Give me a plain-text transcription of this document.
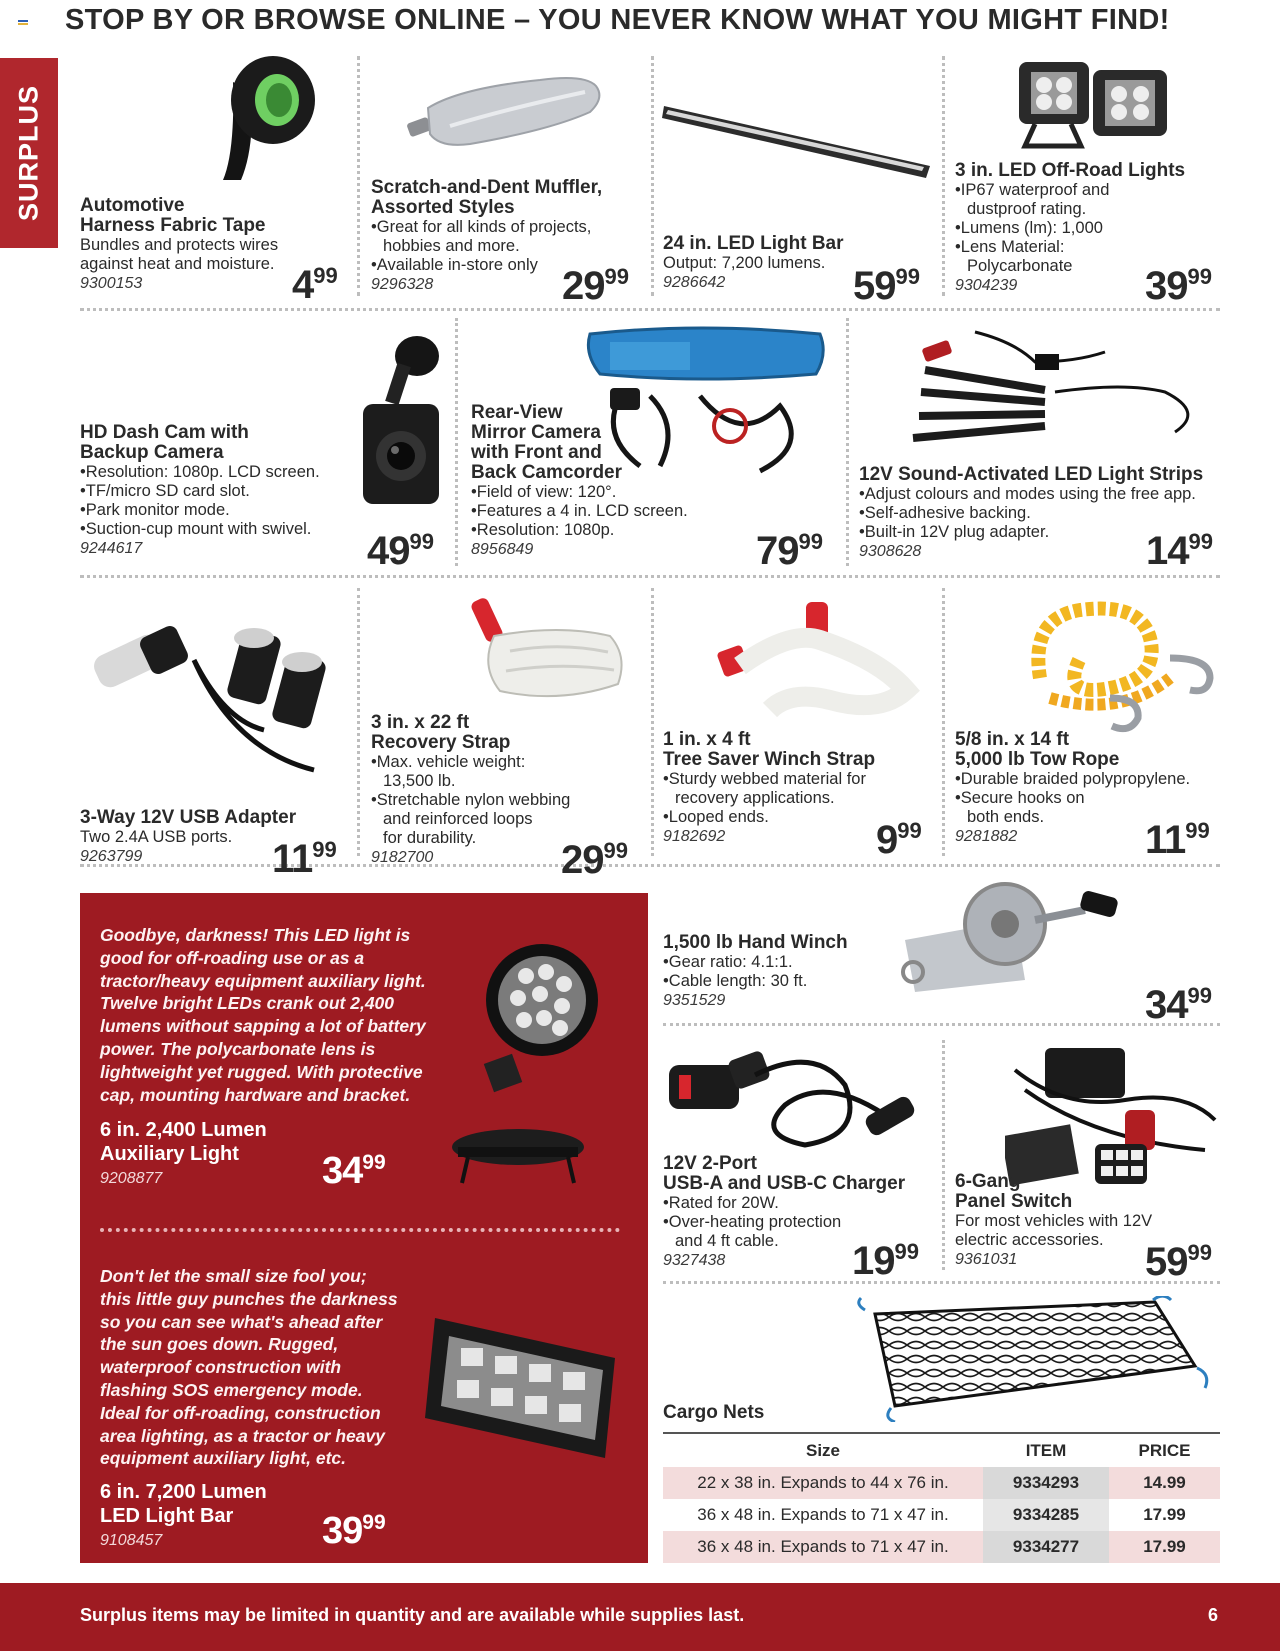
STOP BY OR BROWSE ONLINE – YOU NEVER KNOW WHAT YOU MIGHT FIND!
SURPLUS Automotive
Harness Fabric Tape
Bundles and protects wires
against heat and moisture.
9300153	$4^{99}$
Scratch-and-Dent Muffler,
Assorted Styles
•Great for all kinds of projects,
hobbies and more.
•Available in-store only
9296328	$29^{99}$
24 in. LED Light Bar
Output: 7,200 lumens.
9286642	$59^{99}$
3 in. LED Off-Road Lights
•IP67 waterproof and
dustproof rating.
•Lumens (lm): 1,000
•Lens Material:
Polycarbonate
9304239	$39^{99}$
HD Dash Cam with
Backup Camera
•Resolution: 1080p. LCD screen.
•TF/micro SD card slot.
•Park monitor mode.
•Suction-cup mount with swivel.
9244617	$49^{99}$
Rear-View
Mirror Camera
with Front and
Back Camcorder
•Field of view: 120°.
•Features a 4 in. LCD screen.
•Resolution: 1080p.
8956849	$79^{99}$
12V Sound-Activated LED Light Strips
•Adjust colours and modes using the free app.
•Self-adhesive backing.
•Built-in 12V plug adapter.
9308628	$14^{99}$
3-Way 12V USB Adapter
Two 2.4A USB ports.
9263799	$11^{99}$
3 in. x 22 ft
Recovery Strap
•Max. vehicle weight:
13,500 lb.
•Stretchable nylon webbing
and reinforced loops
for durability.
9182700	$29^{99}$
1 in. x 4 ft
Tree Saver Winch Strap
•Sturdy webbed material for
recovery applications.
•Looped ends.
9182692	$9^{99}$
5/8 in. x 14 ft
5,000 lb Tow Rope
•Durable braided polypropylene.
•Secure hooks on
both ends.
9281882	$11^{99}$
Goodbye, darkness! This LED light is good for off-roading use or as a tractor/heavy equipment auxiliary light. Twelve bright LEDs crank out 2,400 lumens without sapping a lot of battery power. The polycarbonate lens is lightweight yet rugged. With protective cap, mounting hardware and bracket.
6 in. 2,400 Lumen
Auxiliary Light
9208877	$34^{99}$
Don't let the small size fool you; this little guy punches the darkness so you can see what's ahead after the sun goes down. Rugged, waterproof construction with flashing SOS emergency mode. Ideal for off-roading, construction area lighting, as a tractor or heavy equipment auxiliary light, etc.
6 in. 7,200 Lumen
LED Light Bar
9108457	$39^{99}$
1,500 lb Hand Winch
•Gear ratio: 4.1:1.
•Cable length: 30 ft.
9351529	$34^{99}$
12V 2-Port
USB-A and USB-C Charger
•Rated for 20W.
•Over-heating protection
and 4 ft cable.
9327438	$19^{99}$
6-Gang
Panel Switch
For most vehicles with 12V
electric accessories.
9361031	$59^{99}$
Cargo Nets
Size	ITEM	PRICE
22 x 38 in. Expands to 44 x 76 in.	9334293	14.99
36 x 48 in. Expands to 71 x 47 in.	9334285	17.99
36 x 48 in. Expands to 71 x 47 in.	9334277	17.99
Surplus items may be limited in quantity and are available while supplies last.	6
